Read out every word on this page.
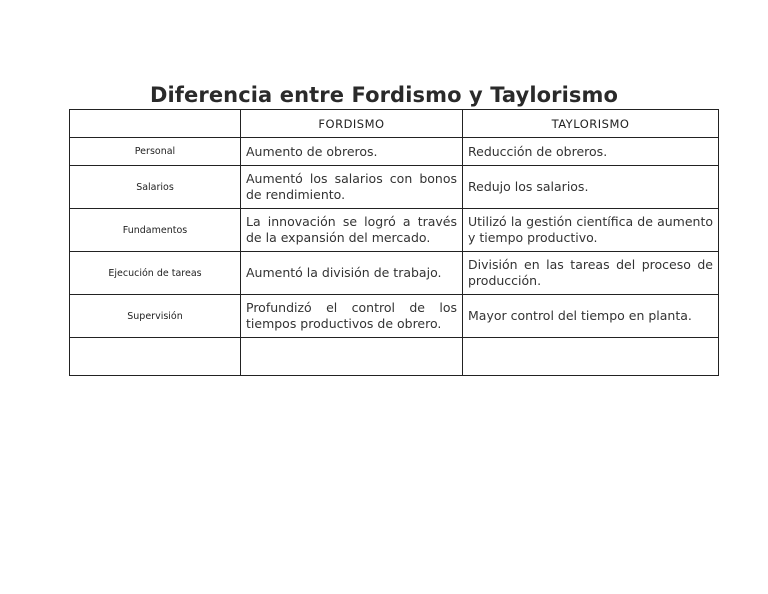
Diferencia entre Fordismo y Taylorismo
	FORDISMO	TAYLORISMO
Personal	Aumento de obreros.	Reducción de obreros.
Salarios	Aumentó los salarios con bonos de rendimiento.	Redujo los salarios.
Fundamentos	La innovación se logró a través de la expansión del mercado.	Utilizó la gestión científica de aumento y tiempo productivo.
Ejecución de tareas	Aumentó la división de trabajo.	División en las tareas del proceso de producción.
Supervisión	Profundizó el control de los tiempos productivos de obrero.	Mayor control del tiempo en planta.
